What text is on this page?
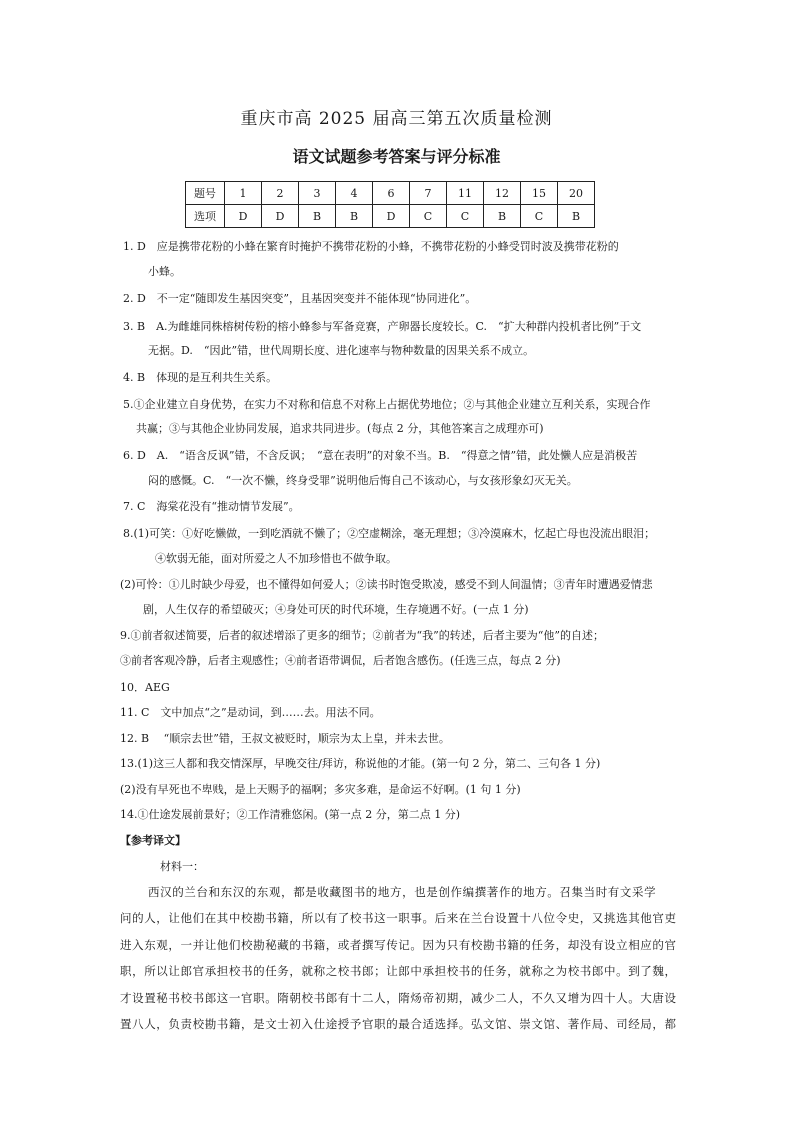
重庆市高 2025 届高三第五次质量检测
语文试题参考答案与评分标准
题号	1	2	3	4	6	7	11	12	15	20
选项	D	D	B	B	D	C	C	B	C	B
1. D　应是携带花粉的小蜂在繁育时掩护不携带花粉的小蜂，不携带花粉的小蜂受罚时波及携带花粉的
小蜂。
2. D　不一定“随即发生基因突变”，且基因突变并不能体现“协同进化”。
3. B　A.为雌雄同株榕树传粉的榕小蜂参与军备竞赛，产卵器长度较长。C.　“扩大种群内投机者比例”于文
无据。D.　“因此”错，世代周期长度、进化速率与物种数量的因果关系不成立。
4. B　体现的是互利共生关系。
5.①企业建立自身优势，在实力不对称和信息不对称上占据优势地位；②与其他企业建立互利关系，实现合作
共赢；③与其他企业协同发展，追求共同进步。(每点 2 分，其他答案言之成理亦可)
6. D　A.　“语含反讽”错，不含反讽；　“意在表明”的对象不当。B.　“得意之情”错，此处懒人应是消极苦
闷的感慨。C.　“一次不懒，终身受罪”说明他后悔自己不该动心，与女孩形象幻灭无关。
7. C　海棠花没有“推动情节发展”。
8.(1)可笑：①好吃懒做，一到吃酒就不懒了；②空虚糊涂，毫无理想；③冷漠麻木，忆起亡母也没流出眼泪；
④软弱无能，面对所爱之人不加珍惜也不做争取。
(2)可怜：①儿时缺少母爱，也不懂得如何爱人；②读书时饱受欺凌，感受不到人间温情；③青年时遭遇爱情悲
剧，人生仅存的希望破灭；④身处可厌的时代环境，生存境遇不好。(一点 1 分)
9.①前者叙述简要，后者的叙述增添了更多的细节；②前者为“我”的转述，后者主要为“他”的自述；
③前者客观冷静，后者主观感性；④前者语带调侃，后者饱含感伤。(任选三点，每点 2 分)
10．AEG
11. C　文中加点“之”是动词，到……去。用法不同。
12. B　 “顺宗去世”错，王叔文被贬时，顺宗为太上皇，并未去世。
13.(1)这三人都和我交情深厚，早晚交往/拜访，称说他的才能。(第一句 2 分，第二、三句各 1 分)
(2)没有早死也不卑贱，是上天赐予的福啊；多灾多难，是命运不好啊。(1 句 1 分)
14.①仕途发展前景好；②工作清雅悠闲。(第一点 2 分，第二点 1 分)
【参考译文】
材料一：
西汉的兰台和东汉的东观，都是收藏图书的地方，也是创作编撰著作的地方。召集当时有文采学
问的人，让他们在其中校勘书籍，所以有了校书这一职事。后来在兰台设置十八位令史，又挑选其他官吏
进入东观，一并让他们校勘秘藏的书籍，或者撰写传记。因为只有校勘书籍的任务，却没有设立相应的官
职，所以让郎官承担校书的任务，就称之校书郎；让郎中承担校书的任务，就称之为校书郎中。到了魏，
才设置秘书校书郎这一官职。隋朝校书郎有十二人，隋炀帝初期，减少二人，不久又增为四十人。大唐设
置八人，负责校勘书籍，是文士初入仕途授予官职的最合适选择。弘文馆、崇文馆、著作局、司经局，都
